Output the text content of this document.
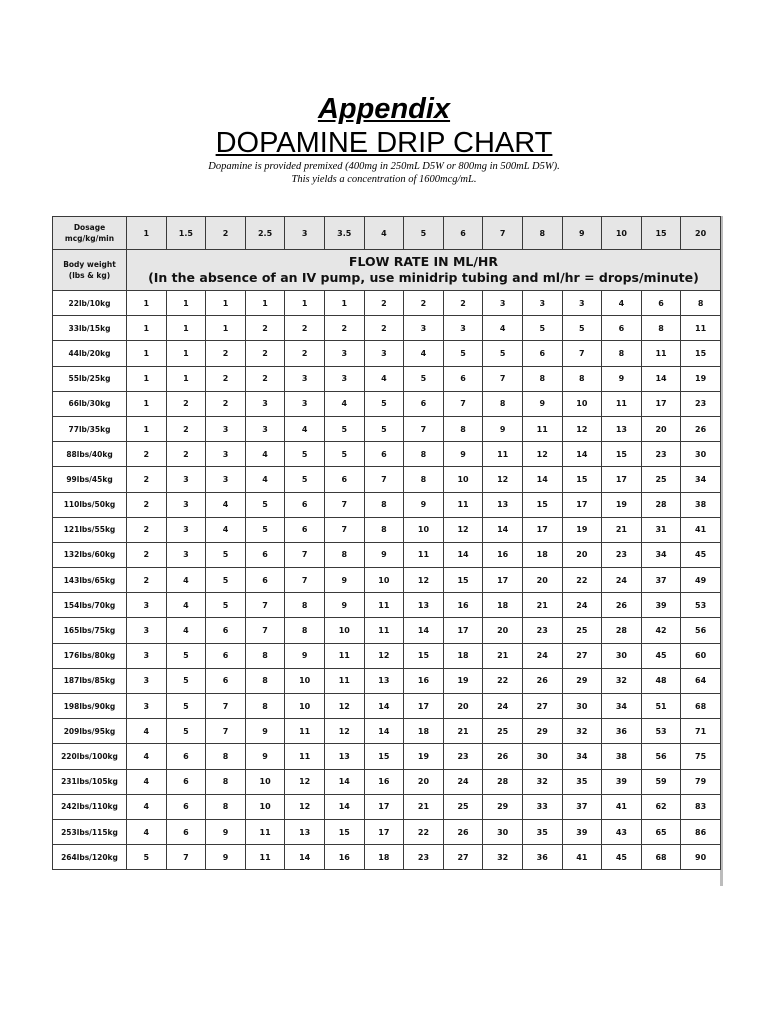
Appendix

DOPAMINE DRIP CHART

Dopamine is provided premixed (400mg in 250mL D5W or 800mg in 500mL D5W).

This yields a concentration of 1600mcg/mL.

Dosage
mcg/kg/min	1	1.5	2	2.5	3	3.5	4	5	6	7	8	9	10	15	20
Body weight
(lbs & kg)	FLOW RATE IN ML/HR
(In the absence of an IV pump, use minidrip tubing and ml/hr = drops/minute)														
22lb/10kg	1	1	1	1	1	1	2	2	2	3	3	3	4	6	8
33lb/15kg	1	1	1	2	2	2	2	3	3	4	5	5	6	8	11
44lb/20kg	1	1	2	2	2	3	3	4	5	5	6	7	8	11	15
55lb/25kg	1	1	2	2	3	3	4	5	6	7	8	8	9	14	19
66lb/30kg	1	2	2	3	3	4	5	6	7	8	9	10	11	17	23
77lb/35kg	1	2	3	3	4	5	5	7	8	9	11	12	13	20	26
88lbs/40kg	2	2	3	4	5	5	6	8	9	11	12	14	15	23	30
99lbs/45kg	2	3	3	4	5	6	7	8	10	12	14	15	17	25	34
110lbs/50kg	2	3	4	5	6	7	8	9	11	13	15	17	19	28	38
121lbs/55kg	2	3	4	5	6	7	8	10	12	14	17	19	21	31	41
132lbs/60kg	2	3	5	6	7	8	9	11	14	16	18	20	23	34	45
143lbs/65kg	2	4	5	6	7	9	10	12	15	17	20	22	24	37	49
154lbs/70kg	3	4	5	7	8	9	11	13	16	18	21	24	26	39	53
165lbs/75kg	3	4	6	7	8	10	11	14	17	20	23	25	28	42	56
176lbs/80kg	3	5	6	8	9	11	12	15	18	21	24	27	30	45	60
187lbs/85kg	3	5	6	8	10	11	13	16	19	22	26	29	32	48	64
198lbs/90kg	3	5	7	8	10	12	14	17	20	24	27	30	34	51	68
209lbs/95kg	4	5	7	9	11	12	14	18	21	25	29	32	36	53	71
220lbs/100kg	4	6	8	9	11	13	15	19	23	26	30	34	38	56	75
231lbs/105kg	4	6	8	10	12	14	16	20	24	28	32	35	39	59	79
242lbs/110kg	4	6	8	10	12	14	17	21	25	29	33	37	41	62	83
253lbs/115kg	4	6	9	11	13	15	17	22	26	30	35	39	43	65	86
264lbs/120kg	5	7	9	11	14	16	18	23	27	32	36	41	45	68	90
